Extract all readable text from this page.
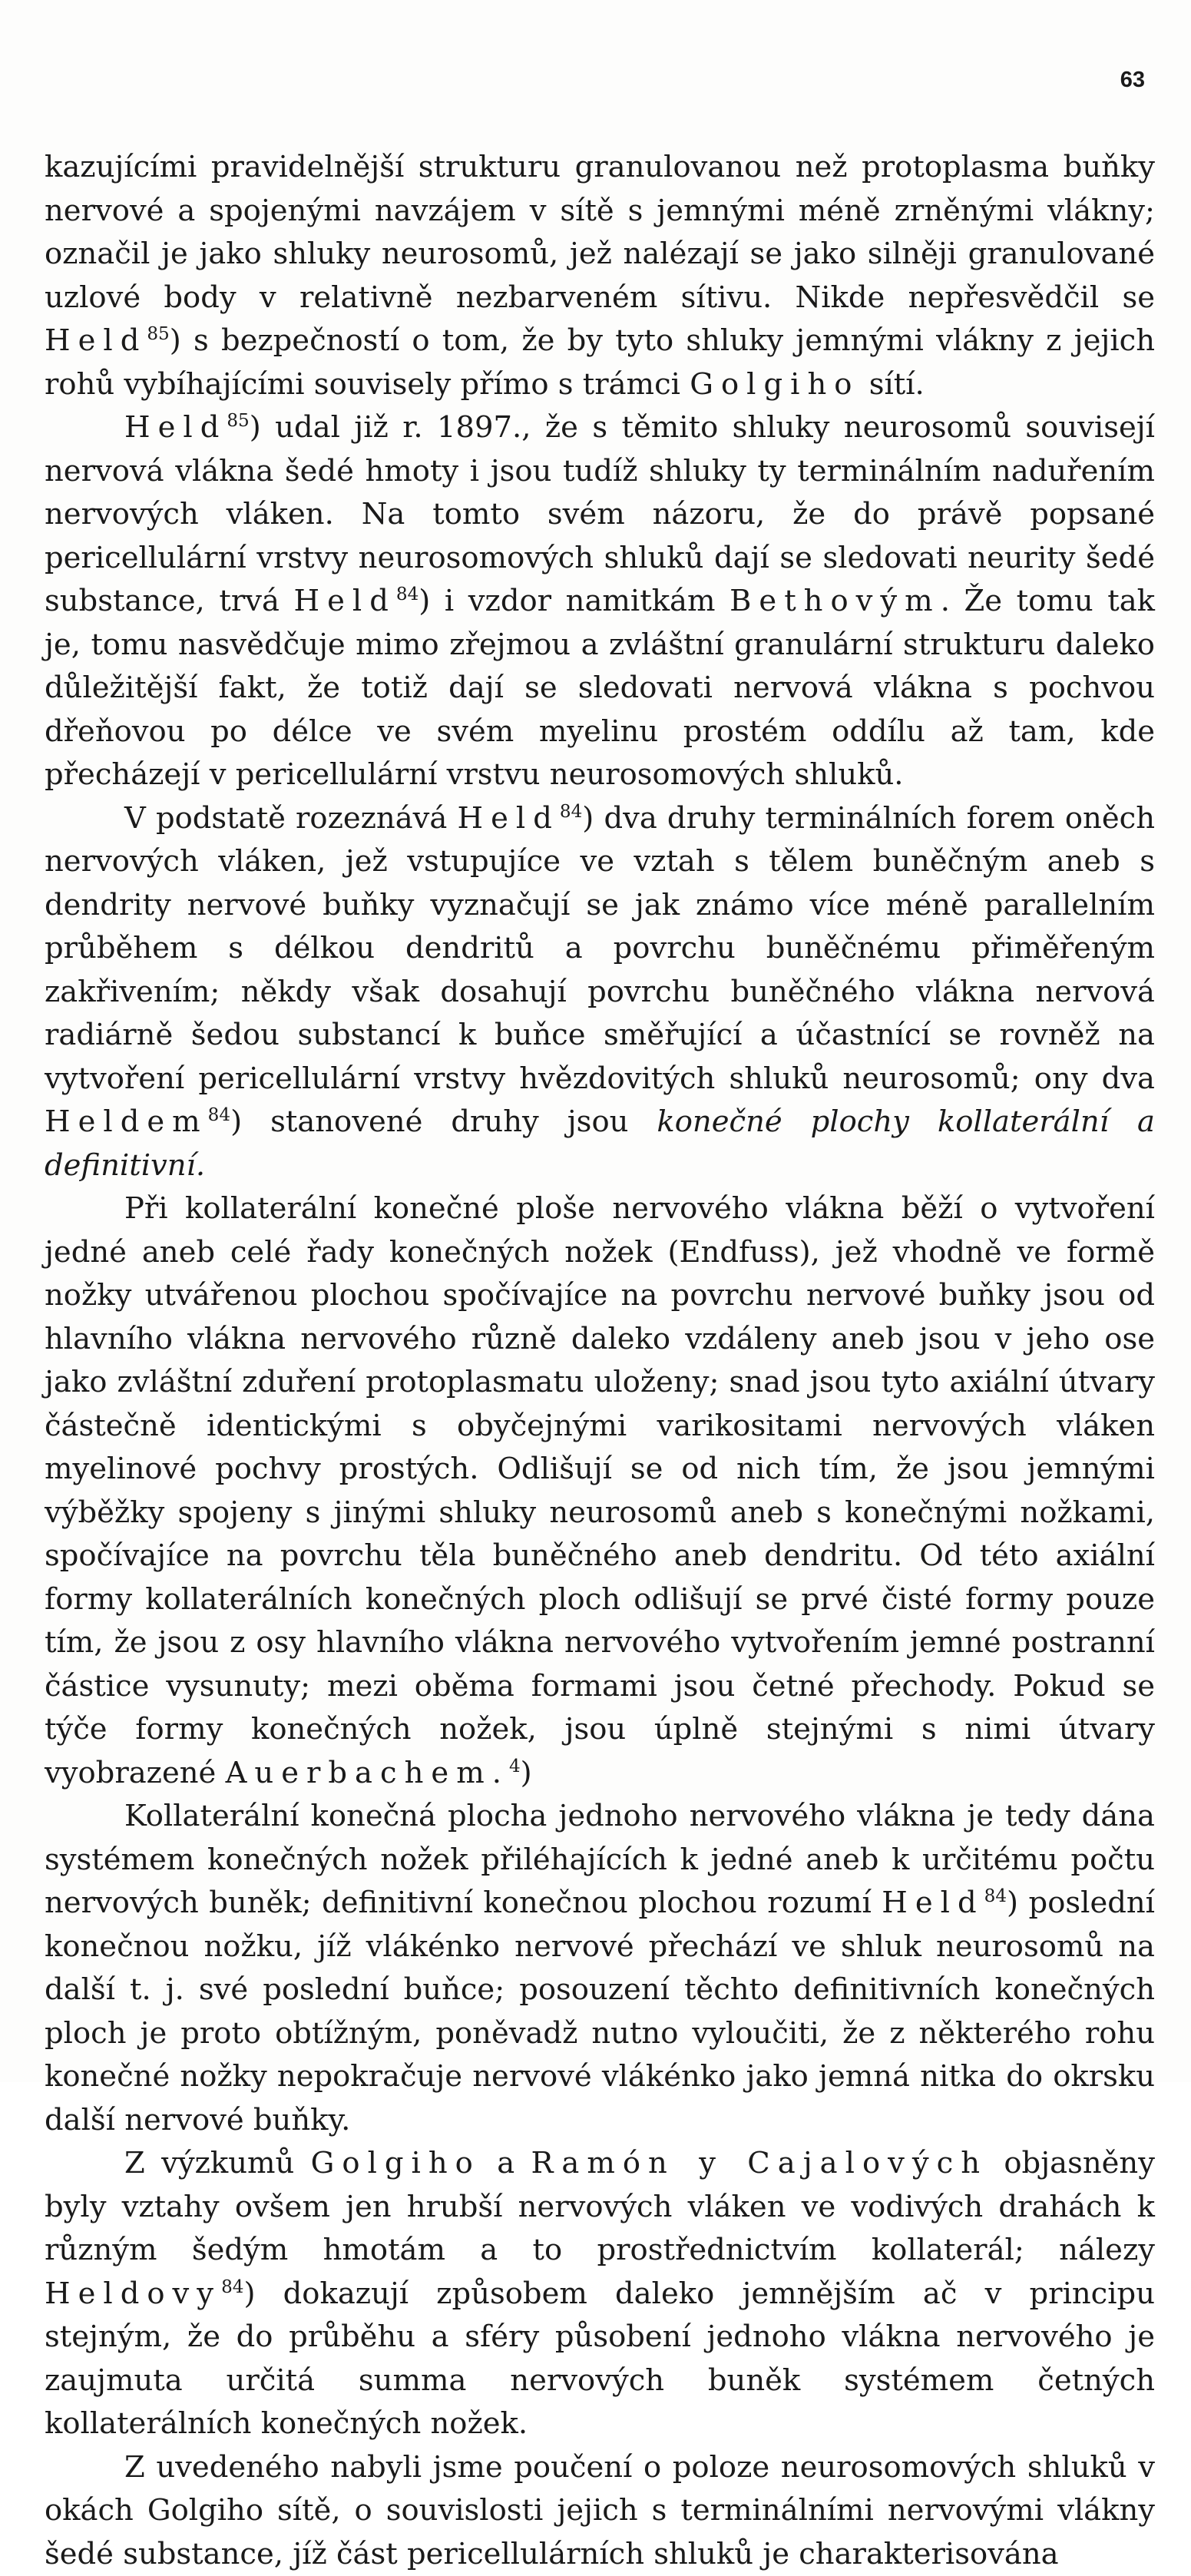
63

kazujícími pravidelnější strukturu granulovanou než protoplasma buňky nervové a spojenými navzájem v sítě s jemnými méně zrněnými vlákny; označil je jako shluky neurosomů, jež nalézají se jako silněji granulované uzlové body v relativně nezbarveném sítivu. Nikde nepřesvědčil se Held$^{85}$) s bezpečností o tom, že by tyto shluky jemnými vlákny z jejich rohů vybíhajícími souvisely přímo s trámci Golgiho sítí.

Held$^{85}$) udal již r. 1897., že s těmito shluky neurosomů souvisejí nervová vlákna šedé hmoty i jsou tudíž shluky ty terminálním naduřením nervových vláken. Na tomto svém názoru, že do právě popsané pericellulární vrstvy neurosomových shluků dají se sledovati neurity šedé substance, trvá Held$^{84}$) i vzdor namitkám Bethovým. Že tomu tak je, tomu nasvědčuje mimo zřejmou a zvláštní granulární strukturu daleko důležitější fakt, že totiž dají se sledovati nervová vlákna s pochvou dřeňovou po délce ve svém myelinu prostém oddílu až tam, kde přecházejí v pericellulární vrstvu neurosomových shluků.

V podstatě rozeznává Held$^{84}$) dva druhy terminálních forem oněch nervových vláken, jež vstupujíce ve vztah s tělem buněčným aneb s dendrity nervové buňky vyznačují se jak známo více méně parallelním průběhem s délkou dendritů a povrchu buněčnému přiměřeným zakřivením; někdy však dosahují povrchu buněčného vlákna nervová radiárně šedou substancí k buňce směřující a účastnící se rovněž na vytvoření pericellulární vrstvy hvězdovitých shluků neurosomů; ony dva Heldem$^{84}$) stanovené druhy jsou konečné plochy kollaterální a definitivní.

Při kollaterální konečné ploše nervového vlákna běží o vytvoření jedné aneb celé řady konečných nožek (Endfuss), jež vhodně ve formě nožky utvářenou plochou spočívajíce na povrchu nervové buňky jsou od hlavního vlákna nervového různě daleko vzdáleny aneb jsou v jeho ose jako zvláštní zduření protoplasmatu uloženy; snad jsou tyto axiální útvary částečně identickými s obyčejnými varikositami nervových vláken myelinové pochvy prostých. Odlišují se od nich tím, že jsou jemnými výběžky spojeny s jinými shluky neurosomů aneb s konečnými nožkami, spočívajíce na povrchu těla buněčného aneb dendritu. Od této axiální formy kollaterálních konečných ploch odlišují se prvé čisté formy pouze tím, že jsou z osy hlavního vlákna nervového vytvořením jemné postranní částice vysunuty; mezi oběma formami jsou četné přechody. Pokud se týče formy konečných nožek, jsou úplně stejnými s nimi útvary vyobrazené Auerbachem.$^4$)

Kollaterální konečná plocha jednoho nervového vlákna je tedy dána systémem konečných nožek přiléhajících k jedné aneb k určitému počtu nervových buněk; definitivní konečnou plochou rozumí Held$^{84}$) poslední konečnou nožku, jíž vlákénko nervové přechází ve shluk neurosomů na další t. j. své poslední buňce; posouzení těchto definitivních konečných ploch je proto obtížným, poněvadž nutno vyloučiti, že z některého rohu konečné nožky nepokračuje nervové vlákénko jako jemná nitka do okrsku další nervové buňky.

Z výzkumů Golgiho a Ramón y Cajalových objasněny byly vztahy ovšem jen hrubší nervových vláken ve vodivých drahách k různým šedým hmotám a to prostřednictvím kollaterál; nálezy Heldovy$^{84}$) dokazují způsobem daleko jemnějším ač v principu stejným, že do průběhu a sféry působení jednoho vlákna nervového je zaujmuta určitá summa nervových buněk systémem četných kollaterálních konečných nožek.

Z uvedeného nabyli jsme poučení o poloze neurosomových shluků v okách Golgiho sítě, o souvislosti jejich s terminálními nervovými vlákny šedé substance, jíž část pericellulárních shluků je charakterisována
